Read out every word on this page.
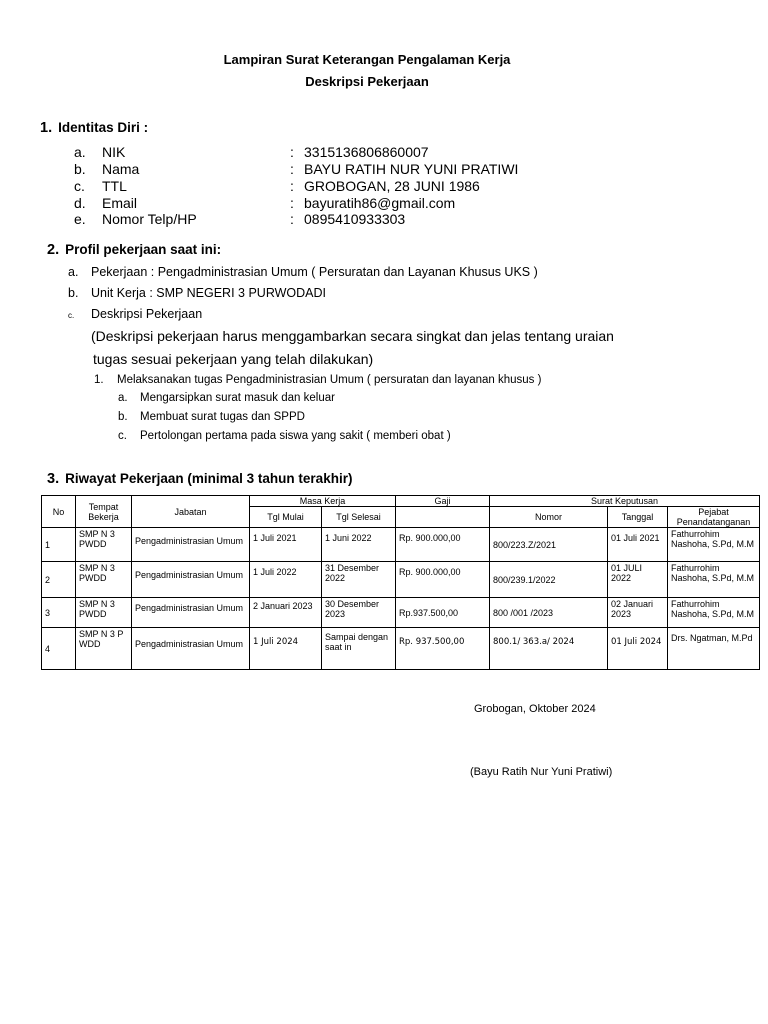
Lampiran Surat Keterangan Pengalaman Kerja
Deskripsi Pekerjaan
1. Identitas Diri :
a. NIK	: 3315136806860007
b. Nama	: BAYU RATIH NUR YUNI PRATIWI
c. TTL	: GROBOGAN, 28 JUNI 1986
d. Email	: bayuratih86@gmail.com
e. Nomor Telp/HP	: 0895410933303
2. Profil pekerjaan saat ini:
a. Pekerjaan : Pengadministrasian Umum ( Persuratan dan Layanan Khusus UKS )
b. Unit Kerja : SMP NEGERI 3 PURWODADI
c. Deskripsi Pekerjaan
(Deskripsi pekerjaan harus menggambarkan secara singkat dan jelas tentang uraian
tugas sesuai pekerjaan yang telah dilakukan)
1. Melaksanakan tugas Pengadministrasian Umum ( persuratan dan layanan khusus )
a. Mengarsipkan surat masuk dan keluar
b. Membuat surat tugas dan SPPD
c. Pertolongan pertama pada siswa yang sakit ( memberi obat )
3. Riwayat Pekerjaan (minimal 3 tahun terakhir)
No	Tempat Bekerja	Jabatan	Masa Kerja		Gaji	Surat Keputusan		
			Tgl Mulai	Tgl Selesai		Nomor	Tanggal	Pejabat Penandatanganan
1	SMP N 3 PWDD	Pengadministrasian Umum	1 Juli 2021	1 Juni 2022	Rp. 900.000,00	800/223.Z/2021	01 Juli 2021	Fathurrohim Nashoha, S.Pd, M.M
2	SMP N 3 PWDD	Pengadministrasian Umum	1 Juli 2022	31 Desember 2022	Rp. 900.000,00	800/239.1/2022	01 JULI 2022	Fathurrohim Nashoha, S.Pd, M.M
3	SMP N 3 PWDD	Pengadministrasian Umum	2 Januari 2023	30 Desember 2023	Rp.937.500,00	800 /001 /2023	02 Januari 2023	Fathurrohim Nashoha, S.Pd, M.M
4	SMP N 3 PWDD	Pengadministrasian Umum	1 Juli 2024	Sampai dengan saat in	Rp. 937.500,00	800.1/ 363.a/ 2024	01 Juli 2024	Drs. Ngatman, M.Pd
Grobogan, Oktober 2024
(Bayu Ratih Nur Yuni Pratiwi)
